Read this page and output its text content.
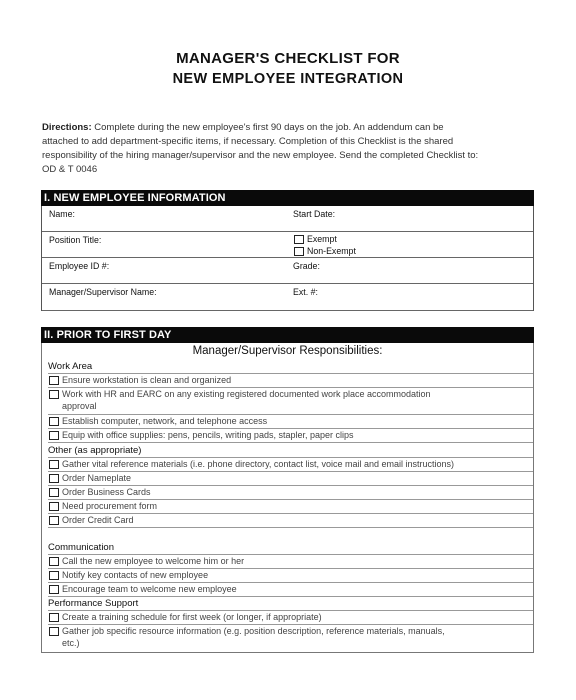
MANAGER'S CHECKLIST FOR
NEW EMPLOYEE INTEGRATION
Directions: Complete during the new employee's first 90 days on the job. An addendum can be
attached to add department-specific items, if necessary. Completion of this Checklist is the shared
responsibility of the hiring manager/supervisor and the new employee. Send the completed Checklist to:
OD & T 0046
I. NEW EMPLOYEE INFORMATION
Name:	Start Date:
Position Title:	Exempt
Non-Exempt
Employee ID #:	Grade:
Manager/Supervisor Name:	Ext. #:
II. PRIOR TO FIRST DAY
Manager/Supervisor Responsibilities:
Work Area
Ensure workstation is clean and organized
Work with HR and EARC on any existing registered documented work place accommodation
approval
Establish computer, network, and telephone access
Equip with office supplies: pens, pencils, writing pads, stapler, paper clips
Other (as appropriate)
Gather vital reference materials (i.e. phone directory, contact list, voice mail and email instructions)
Order Nameplate
Order Business Cards
Need procurement form
Order Credit Card
Communication
Call the new employee to welcome him or her
Notify key contacts of new employee
Encourage team to welcome new employee
Performance Support
Create a training schedule for first week (or longer, if appropriate)
Gather job specific resource information (e.g. position description, reference materials, manuals,
etc.)
